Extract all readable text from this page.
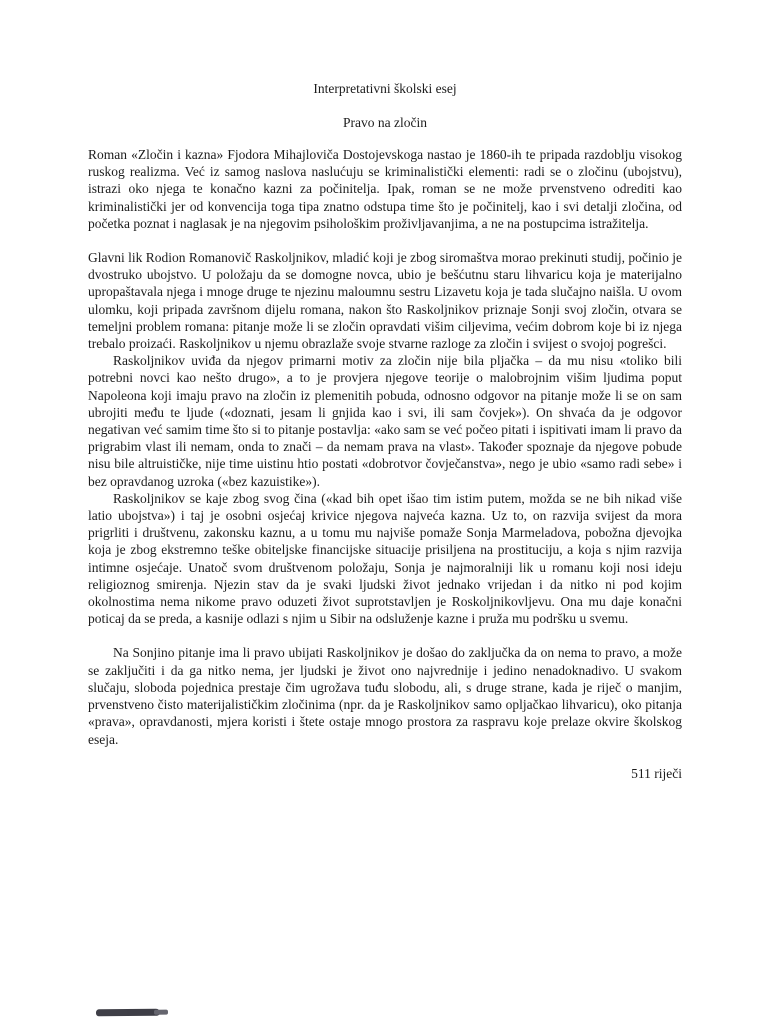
Interpretativni školski esej
Pravo na zločin

Roman «Zločin i kazna» Fjodora Mihajloviča Dostojevskoga nastao je 1860-ih te pripada razdoblju visokog ruskog realizma. Već iz samog naslova naslućuju se kriminalistički elementi: radi se o zločinu (ubojstvu), istrazi oko njega te konačno kazni za počinitelja. Ipak, roman se ne može prvenstveno odrediti kao kriminalistički jer od konvencija toga tipa znatno odstupa time što je počinitelj, kao i svi detalji zločina, od početka poznat i naglasak je na njegovim psihološkim proživljavanjima, a ne na postupcima istražitelja.

Glavni lik Rodion Romanovič Raskoljnikov, mladić koji je zbog siromaštva morao prekinuti studij, počinio je dvostruko ubojstvo. U položaju da se domogne novca, ubio je bešćutnu staru lihvaricu koja je materijalno upropaštavala njega i mnoge druge te njezinu maloumnu sestru Lizavetu koja je tada slučajno naišla. U ovom ulomku, koji pripada završnom dijelu romana, nakon što Raskoljnikov priznaje Sonji svoj zločin, otvara se temeljni problem romana: pitanje može li se zločin opravdati višim ciljevima, većim dobrom koje bi iz njega trebalo proizaći. Raskoljnikov u njemu obrazlaže svoje stvarne razloge za zločin i svijest o svojoj pogrešci.

Raskoljnikov uviđa da njegov primarni motiv za zločin nije bila pljačka – da mu nisu «toliko bili potrebni novci kao nešto drugo», a to je provjera njegove teorije o malobrojnim višim ljudima poput Napoleona koji imaju pravo na zločin iz plemenitih pobuda, odnosno odgovor na pitanje može li se on sam ubrojiti među te ljude («doznati, jesam li gnjida kao i svi, ili sam čovjek»). On shvaća da je odgovor negativan već samim time što si to pitanje postavlja: «ako sam se već počeo pitati i ispitivati imam li pravo da prigrabim vlast ili nemam, onda to znači – da nemam prava na vlast». Također spoznaje da njegove pobude nisu bile altruističke, nije time uistinu htio postati «dobrotvor čovječanstva», nego je ubio «samo radi sebe» i bez opravdanog uzroka («bez kazuistike»).

Raskoljnikov se kaje zbog svog čina («kad bih opet išao tim istim putem, možda se ne bih nikad više latio ubojstva») i taj je osobni osjećaj krivice njegova najveća kazna. Uz to, on razvija svijest da mora prigrliti i društvenu, zakonsku kaznu, a u tomu mu najviše pomaže Sonja Marmeladova, pobožna djevojka koja je zbog ekstremno teške obiteljske financijske situacije prisiljena na prostituciju, a koja s njim razvija intimne osjećaje. Unatoč svom društvenom položaju, Sonja je najmoralniji lik u romanu koji nosi ideju religioznog smirenja. Njezin stav da je svaki ljudski život jednako vrijedan i da nitko ni pod kojim okolnostima nema nikome pravo oduzeti život suprotstavljen je Roskoljnikovljevu. Ona mu daje konačni poticaj da se preda, a kasnije odlazi s njim u Sibir na odsluženje kazne i pruža mu podršku u svemu.

Na Sonjino pitanje ima li pravo ubijati Raskoljnikov je došao do zaključka da on nema to pravo, a može se zaključiti i da ga nitko nema, jer ljudski je život ono najvrednije i jedino nenadoknadivo. U svakom slučaju, sloboda pojednica prestaje čim ugrožava tuđu slobodu, ali, s druge strane, kada je riječ o manjim, prvenstveno čisto materijalističkim zločinima (npr. da je Raskoljnikov samo opljačkao lihvaricu), oko pitanja «prava», opravdanosti, mjera koristi i štete ostaje mnogo prostora za raspravu koje prelaze okvire školskog eseja.

511 riječi
